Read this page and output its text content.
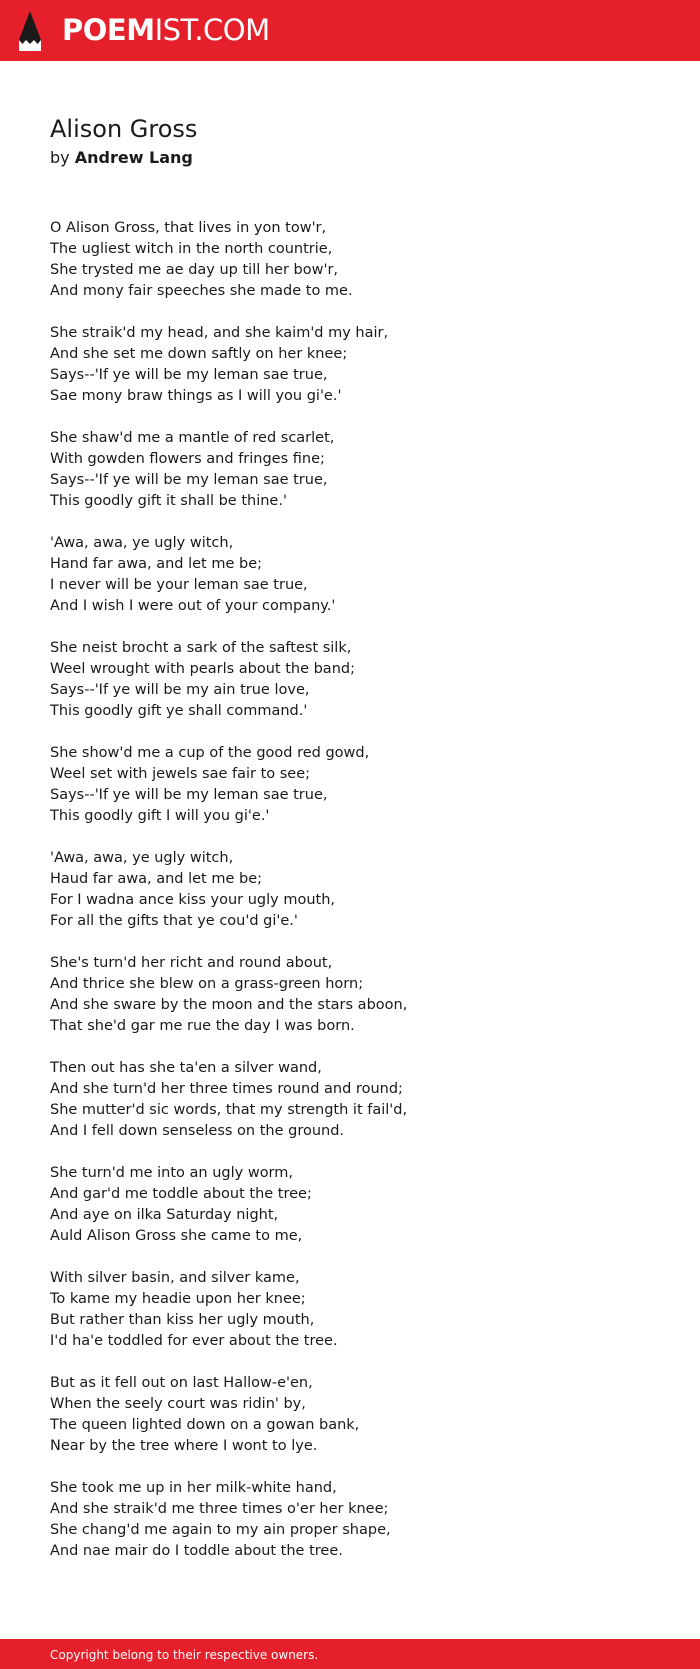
POEMIST.COM
Alison Gross
by Andrew Lang
O Alison Gross, that lives in yon tow'r,
The ugliest witch in the north countrie,
She trysted me ae day up till her bow'r,
And mony fair speeches she made to me.
She straik'd my head, and she kaim'd my hair,
And she set me down saftly on her knee;
Says--'If ye will be my leman sae true,
Sae mony braw things as I will you gi'e.'
She shaw'd me a mantle of red scarlet,
With gowden flowers and fringes fine;
Says--'If ye will be my leman sae true,
This goodly gift it shall be thine.'
'Awa, awa, ye ugly witch,
Hand far awa, and let me be;
I never will be your leman sae true,
And I wish I were out of your company.'
She neist brocht a sark of the saftest silk,
Weel wrought with pearls about the band;
Says--'If ye will be my ain true love,
This goodly gift ye shall command.'
She show'd me a cup of the good red gowd,
Weel set with jewels sae fair to see;
Says--'If ye will be my leman sae true,
This goodly gift I will you gi'e.'
'Awa, awa, ye ugly witch,
Haud far awa, and let me be;
For I wadna ance kiss your ugly mouth,
For all the gifts that ye cou'd gi'e.'
She's turn'd her richt and round about,
And thrice she blew on a grass-green horn;
And she sware by the moon and the stars aboon,
That she'd gar me rue the day I was born.
Then out has she ta'en a silver wand,
And she turn'd her three times round and round;
She mutter'd sic words, that my strength it fail'd,
And I fell down senseless on the ground.
She turn'd me into an ugly worm,
And gar'd me toddle about the tree;
And aye on ilka Saturday night,
Auld Alison Gross she came to me,
With silver basin, and silver kame,
To kame my headie upon her knee;
But rather than kiss her ugly mouth,
I'd ha'e toddled for ever about the tree.
But as it fell out on last Hallow-e'en,
When the seely court was ridin' by,
The queen lighted down on a gowan bank,
Near by the tree where I wont to lye.
She took me up in her milk-white hand,
And she straik'd me three times o'er her knee;
She chang'd me again to my ain proper shape,
And nae mair do I toddle about the tree.
Copyright belong to their respective owners.
